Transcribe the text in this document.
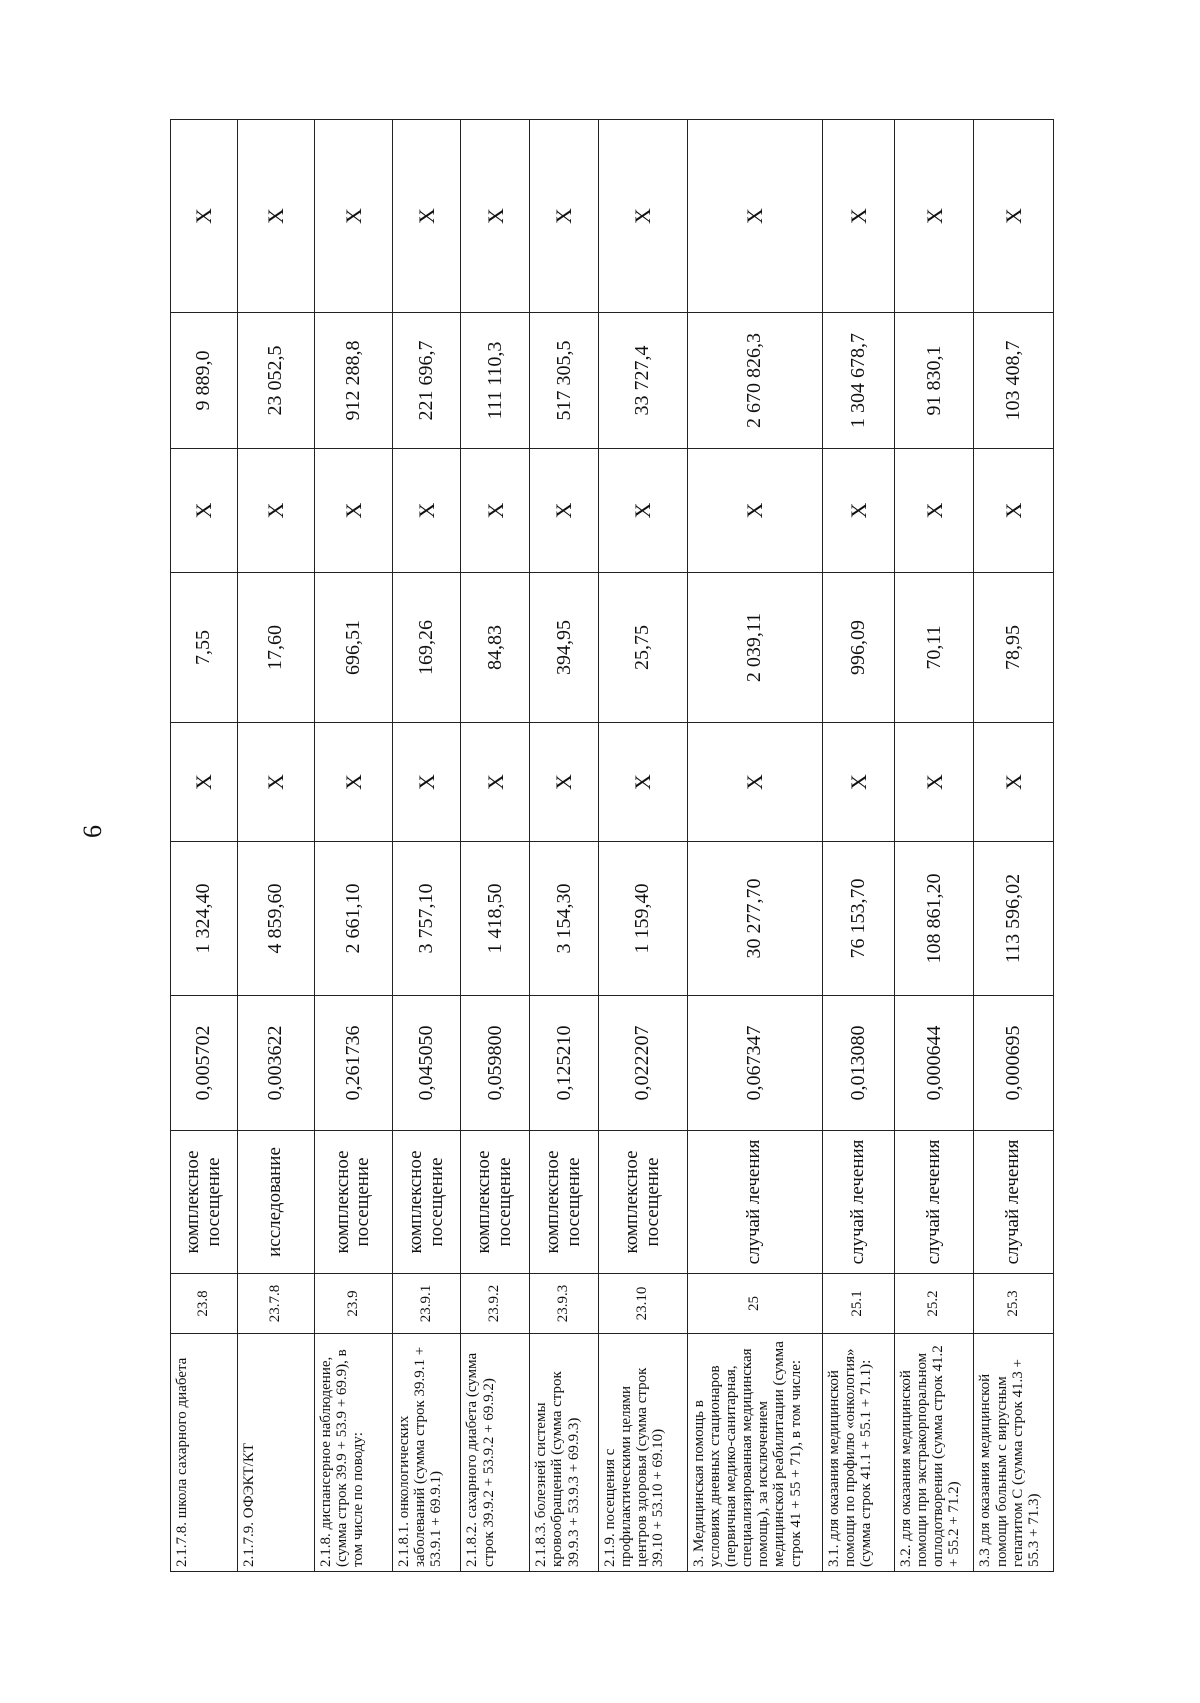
6
2.1.7.8. школа сахарного диабета	23.8	комплексное посещение	0,005702	1 324,40	Х	7,55	Х	9 889,0	Х
2.1.7.9. ОФЭКТ/КТ	23.7.8	исследование	0,003622	4 859,60	Х	17,60	Х	23 052,5	Х
2.1.8. диспансерное наблюдение, (сумма строк 39.9 + 53.9 + 69.9), в том числе по поводу:	23.9	комплексное посещение	0,261736	2 661,10	Х	696,51	Х	912 288,8	Х
2.1.8.1. онкологических заболеваний (сумма строк 39.9.1 + 53.9.1 + 69.9.1)	23.9.1	комплексное посещение	0,045050	3 757,10	Х	169,26	Х	221 696,7	Х
2.1.8.2. сахарного диабета (сумма строк 39.9.2 + 53.9.2 + 69.9.2)	23.9.2	комплексное посещение	0,059800	1 418,50	Х	84,83	Х	111 110,3	Х
2.1.8.3. болезней системы кровообращений (сумма строк 39.9.3 + 53.9.3 + 69.9.3)	23.9.3	комплексное посещение	0,125210	3 154,30	Х	394,95	Х	517 305,5	Х
2.1.9. посещения с профилактическими целями центров здоровья (сумма строк 39.10 + 53.10 + 69.10)	23.10	комплексное посещение	0,022207	1 159,40	Х	25,75	Х	33 727,4	Х
3. Медицинская помощь в условиях дневных стационаров (первичная медико-санитарная, специализированная медицинская помощь), за исключением медицинской реабилитации (сумма строк 41 + 55 + 71), в том числе:	25	случай лечения	0,067347	30 277,70	Х	2 039,11	Х	2 670 826,3	Х
3.1. для оказания медицинской помощи по профилю «онкология» (сумма строк 41.1 + 55.1 + 71.1):	25.1	случай лечения	0,013080	76 153,70	Х	996,09	Х	1 304 678,7	Х
3.2. для оказания медицинской помощи при экстракорпоральном оплодотворении (сумма строк 41.2 + 55.2 + 71.2)	25.2	случай лечения	0,000644	108 861,20	Х	70,11	Х	91 830,1	Х
3.3 для оказания медицинской помощи больным с вирусным гепатитом С (сумма строк 41.3 + 55.3 + 71.3)	25.3	случай лечения	0,000695	113 596,02	Х	78,95	Х	103 408,7	Х
